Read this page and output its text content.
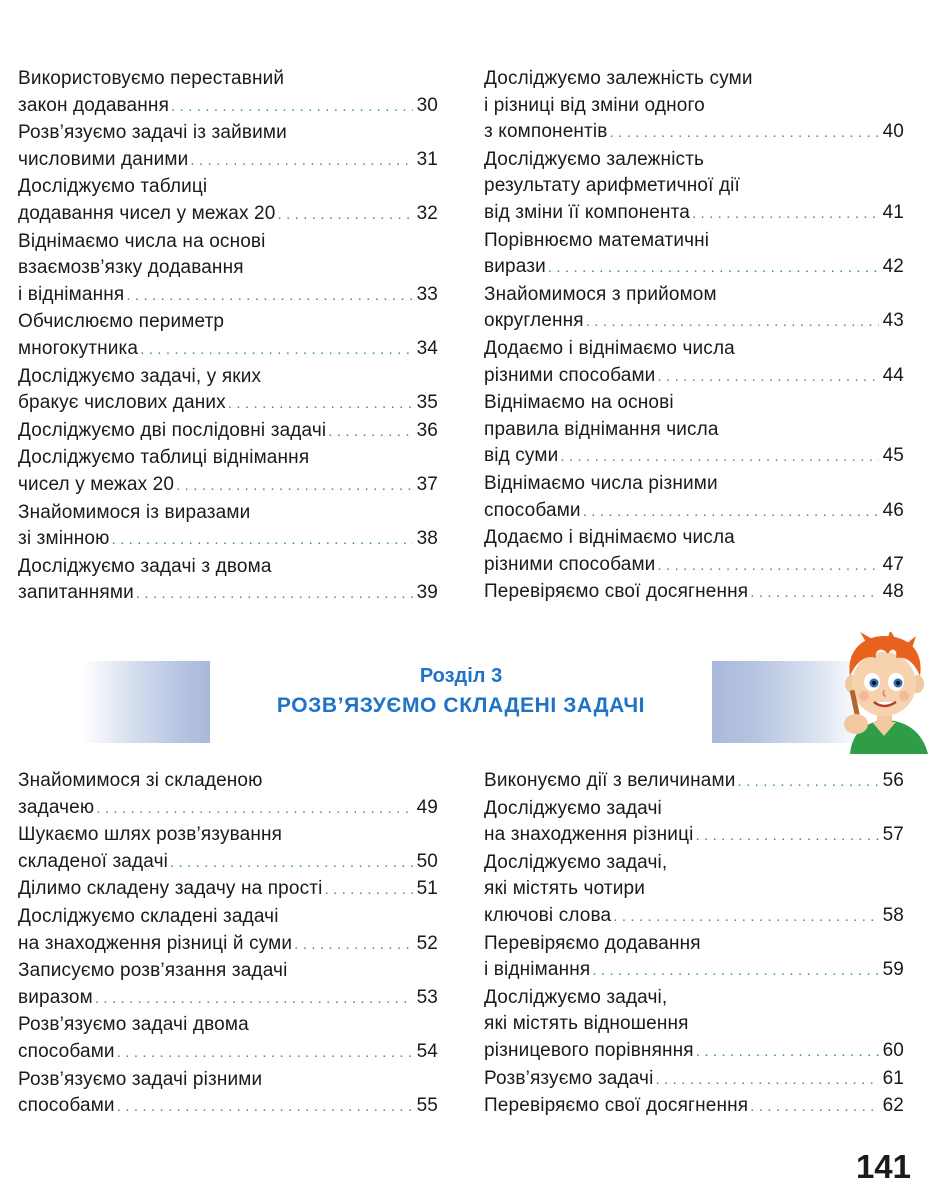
Використовуємо переставний
закон додавання .....	30
Розв’язуємо задачі із зайвими
числовими даними .....	31
Досліджуємо таблиці
додавання чисел у межах 20 .....	32
Віднімаємо числа на основі
взаємозв’язку додавання
і віднімання .....	33
Обчислюємо периметр
многокутника .....	34
Досліджуємо задачі, у яких
бракує числових даних .....	35
Досліджуємо дві послідовні задачі .....	36
Досліджуємо таблиці віднімання
чисел у межах 20 .....	37
Знайомимося із виразами
зі змінною .....	38
Досліджуємо задачі з двома
запитаннями .....	39
Досліджуємо залежність суми
і різниці від зміни одного
з компонентів .....	40
Досліджуємо залежність
результату арифметичної дії
від зміни її компонента .....	41
Порівнюємо математичні
вирази .....	42
Знайомимося з прийомом
округлення .....	43
Додаємо і віднімаємо числа
різними способами .....	44
Віднімаємо на основі
правила віднімання числа
від суми .....	45
Віднімаємо числа різними
способами .....	46
Додаємо і віднімаємо числа
різними способами .....	47
Перевіряємо свої досягнення .....	48
Розділ 3
РОЗВ’ЯЗУЄМО СКЛАДЕНІ ЗАДАЧІ
Знайомимося зі складеною
задачею .....	49
Шукаємо шлях розв’язування
складеної задачі .....	50
Ділимо складену задачу на прості .....	51
Досліджуємо складені задачі
на знаходження різниці й суми .....	52
Записуємо розв’язання задачі
виразом .....	53
Розв’язуємо задачі двома
способами .....	54
Розв’язуємо задачі різними
способами .....	55
Виконуємо дії з величинами .....	56
Досліджуємо задачі
на знаходження різниці .....	57
Досліджуємо задачі,
які містять чотири
ключові слова .....	58
Перевіряємо додавання
і віднімання .....	59
Досліджуємо задачі,
які містять відношення
різницевого порівняння .....	60
Розв’язуємо задачі .....	61
Перевіряємо свої досягнення .....	62
141
